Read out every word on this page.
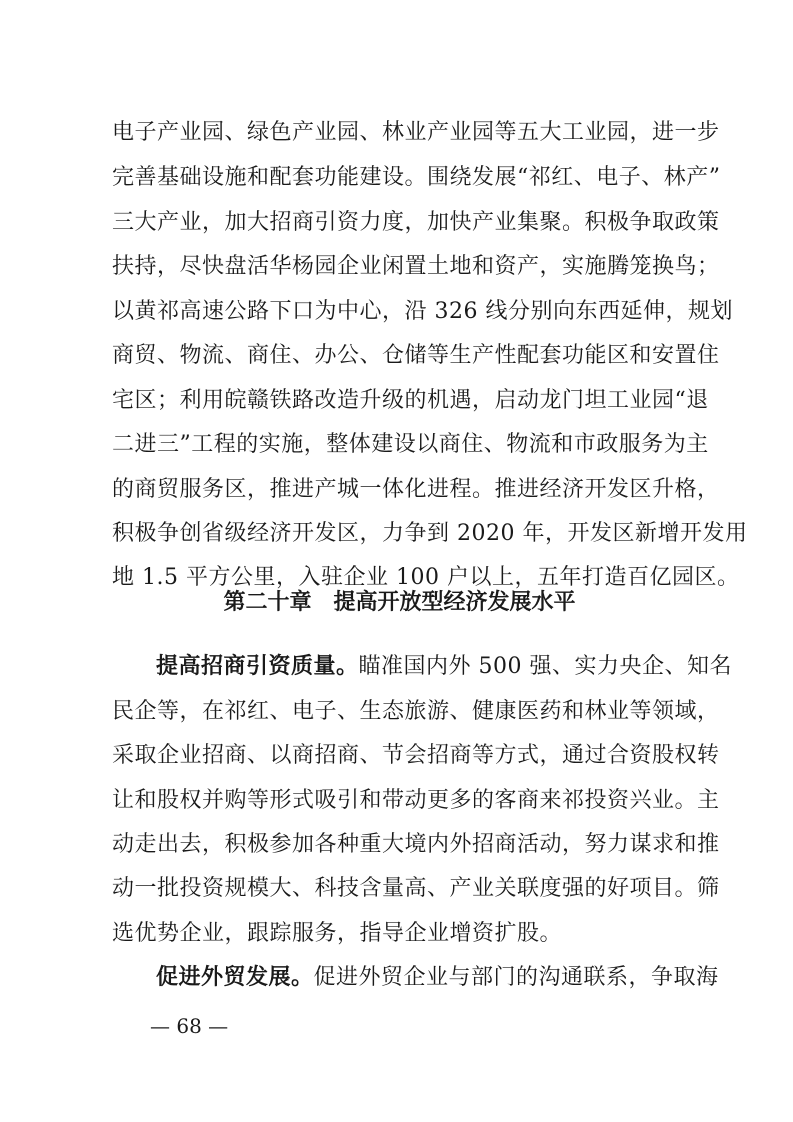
电子产业园、绿色产业园、林业产业园等五大工业园，进一步
完善基础设施和配套功能建设。围绕发展“祁红、电子、林产”
三大产业，加大招商引资力度，加快产业集聚。积极争取政策
扶持，尽快盘活华杨园企业闲置土地和资产，实施腾笼换鸟；
以黄祁高速公路下口为中心，沿 326 线分别向东西延伸，规划
商贸、物流、商住、办公、仓储等生产性配套功能区和安置住
宅区；利用皖赣铁路改造升级的机遇，启动龙门坦工业园“退
二进三”工程的实施，整体建设以商住、物流和市政服务为主
的商贸服务区，推进产城一体化进程。推进经济开发区升格，
积极争创省级经济开发区，力争到 2020 年，开发区新增开发用
地 1.5 平方公里，入驻企业 100 户以上，五年打造百亿园区。
第二十章　提高开放型经济发展水平
提高招商引资质量。瞄准国内外 500 强、实力央企、知名
民企等，在祁红、电子、生态旅游、健康医药和林业等领域，
采取企业招商、以商招商、节会招商等方式，通过合资股权转
让和股权并购等形式吸引和带动更多的客商来祁投资兴业。主
动走出去，积极参加各种重大境内外招商活动，努力谋求和推
动一批投资规模大、科技含量高、产业关联度强的好项目。筛
选优势企业，跟踪服务，指导企业增资扩股。
促进外贸发展。促进外贸企业与部门的沟通联系，争取海
— 68 —
